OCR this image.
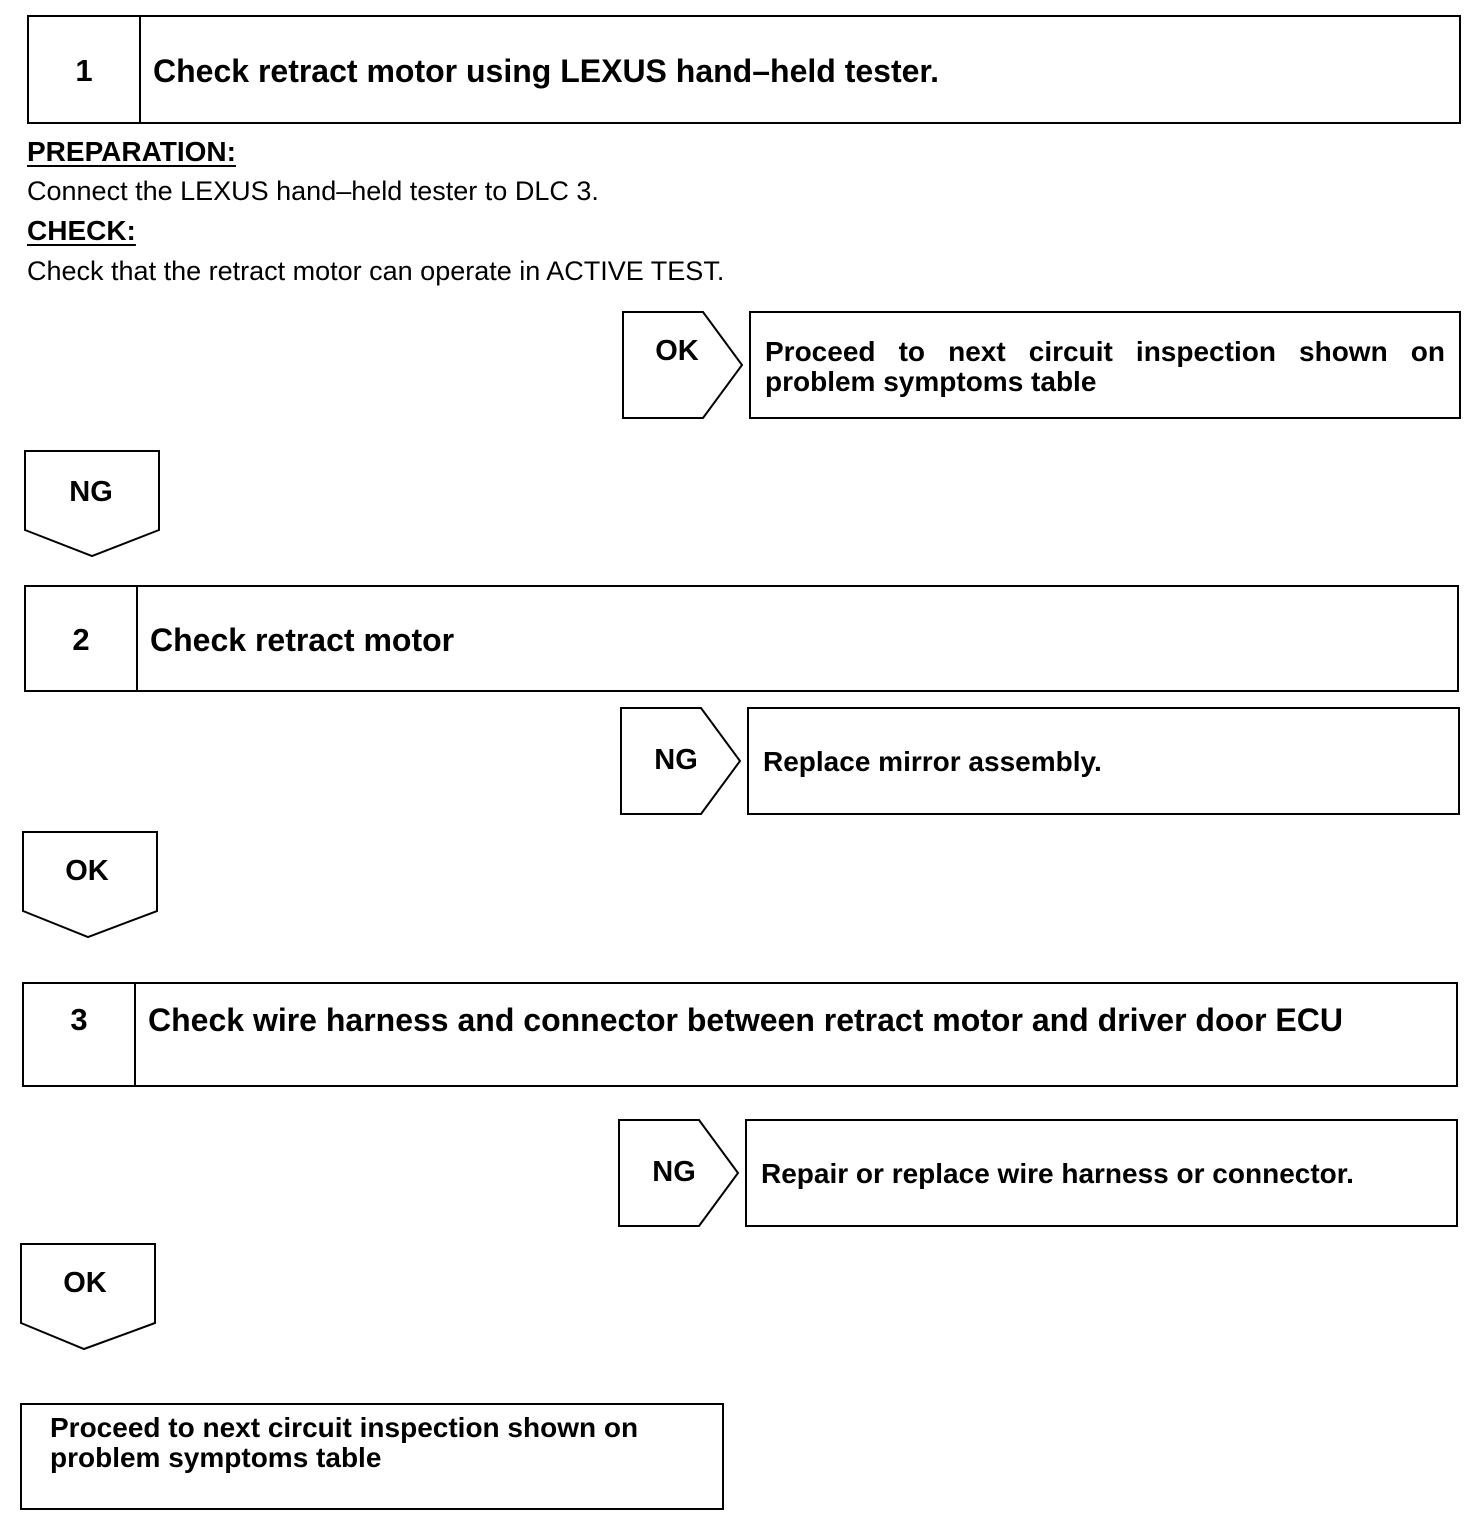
1	Check retract motor using LEXUS hand–held tester.
PREPARATION:
Connect the LEXUS hand–held tester to DLC 3.
CHECK:
Check that the retract motor can operate in ACTIVE TEST.
OK	Proceed to next circuit inspection shown on problem symptoms table
NG
2	Check retract motor
NG	Replace mirror assembly.
OK
3	Check wire harness and connector between retract motor and driver door ECU
NG	Repair or replace wire harness or connector.
OK
Proceed to next circuit inspection shown on problem symptoms table
